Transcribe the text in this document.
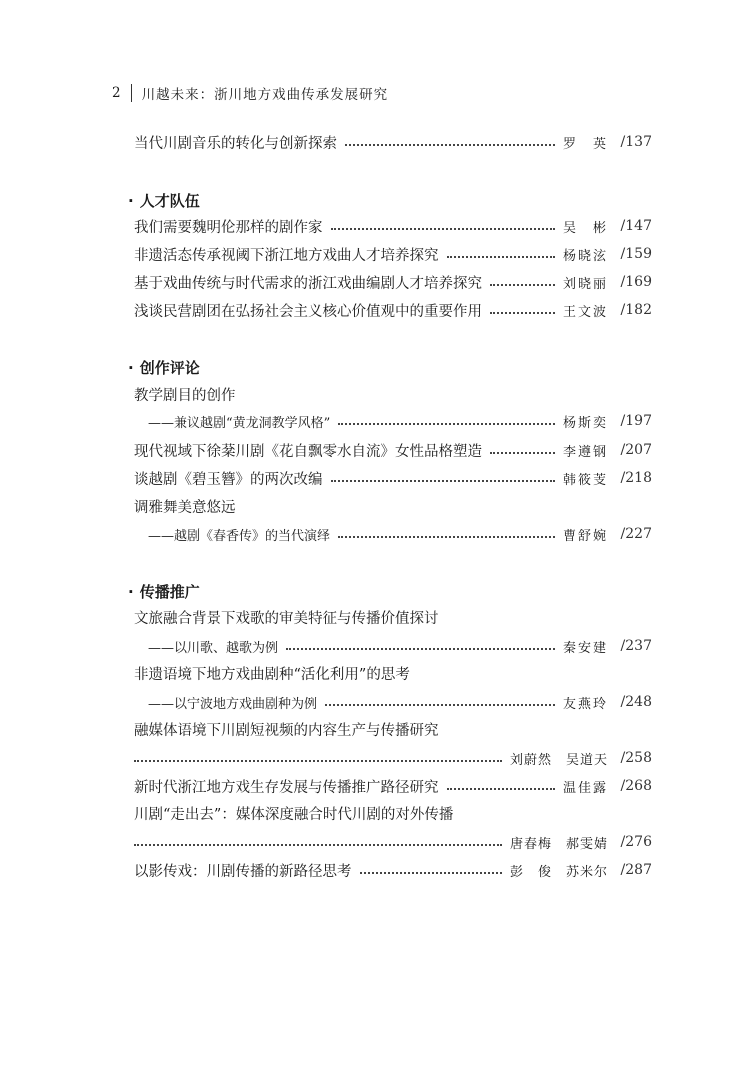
2 川越未来：浙川地方戏曲传承发展研究
当代川剧音乐的转化与创新探索	罗　英 /137
· 人才队伍
我们需要魏明伦那样的剧作家	吴　彬 /147
非遗活态传承视阈下浙江地方戏曲人才培养探究	杨晓泫 /159
基于戏曲传统与时代需求的浙江戏曲编剧人才培养探究	刘晓丽 /169
浅谈民营剧团在弘扬社会主义核心价值观中的重要作用	王文波 /182
· 创作评论
教学剧目的创作
——兼议越剧“黄龙洞教学风格”	杨斯奕 /197
现代视域下徐棻川剧《花自飘零水自流》女性品格塑造	李遵钢 /207
谈越剧《碧玉簪》的两次改编	韩筱芰 /218
调雅舞美意悠远
——越剧《春香传》的当代演绎	曹舒婉 /227
· 传播推广
文旅融合背景下戏歌的审美特征与传播价值探讨
——以川歌、越歌为例	秦安建 /237
非遗语境下地方戏曲剧种“活化利用”的思考
——以宁波地方戏曲剧种为例	友燕玲 /248
融媒体语境下川剧短视频的内容生产与传播研究
刘蔚然 吴道天 /258
新时代浙江地方戏生存发展与传播推广路径研究	温佳露 /268
川剧“走出去”：媒体深度融合时代川剧的对外传播
唐春梅 郝雯婧 /276
以影传戏：川剧传播的新路径思考	彭　俊 苏米尔 /287
